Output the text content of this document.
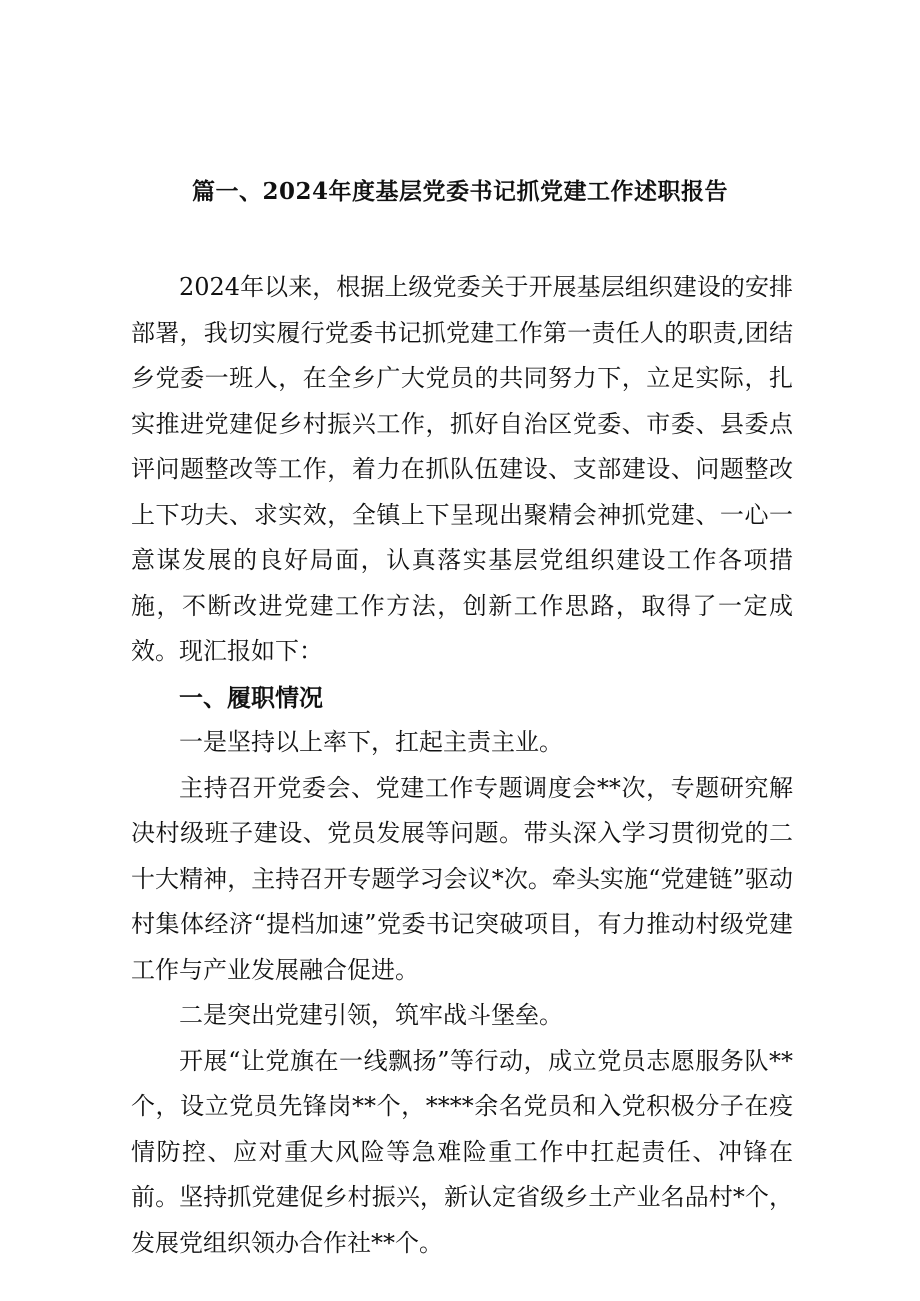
篇一、2024年度基层党委书记抓党建工作述职报告

2024年以来，根据上级党委关于开展基层组织建设的安排部署，我切实履行党委书记抓党建工作第一责任人的职责,团结乡党委一班人，在全乡广大党员的共同努力下，立足实际，扎实推进党建促乡村振兴工作，抓好自治区党委、市委、县委点评问题整改等工作，着力在抓队伍建设、支部建设、问题整改上下功夫、求实效，全镇上下呈现出聚精会神抓党建、一心一意谋发展的良好局面，认真落实基层党组织建设工作各项措施，不断改进党建工作方法，创新工作思路，取得了一定成效。现汇报如下：

一、履职情况

一是坚持以上率下，扛起主责主业。

主持召开党委会、党建工作专题调度会**次，专题研究解决村级班子建设、党员发展等问题。带头深入学习贯彻党的二十大精神，主持召开专题学习会议*次。牵头实施“党建链”驱动村集体经济“提档加速”党委书记突破项目，有力推动村级党建工作与产业发展融合促进。

二是突出党建引领，筑牢战斗堡垒。

开展“让党旗在一线飘扬”等行动，成立党员志愿服务队**个，设立党员先锋岗**个，****余名党员和入党积极分子在疫情防控、应对重大风险等急难险重工作中扛起责任、冲锋在前。坚持抓党建促乡村振兴，新认定省级乡土产业名品村*个，发展党组织领办合作社**个。
